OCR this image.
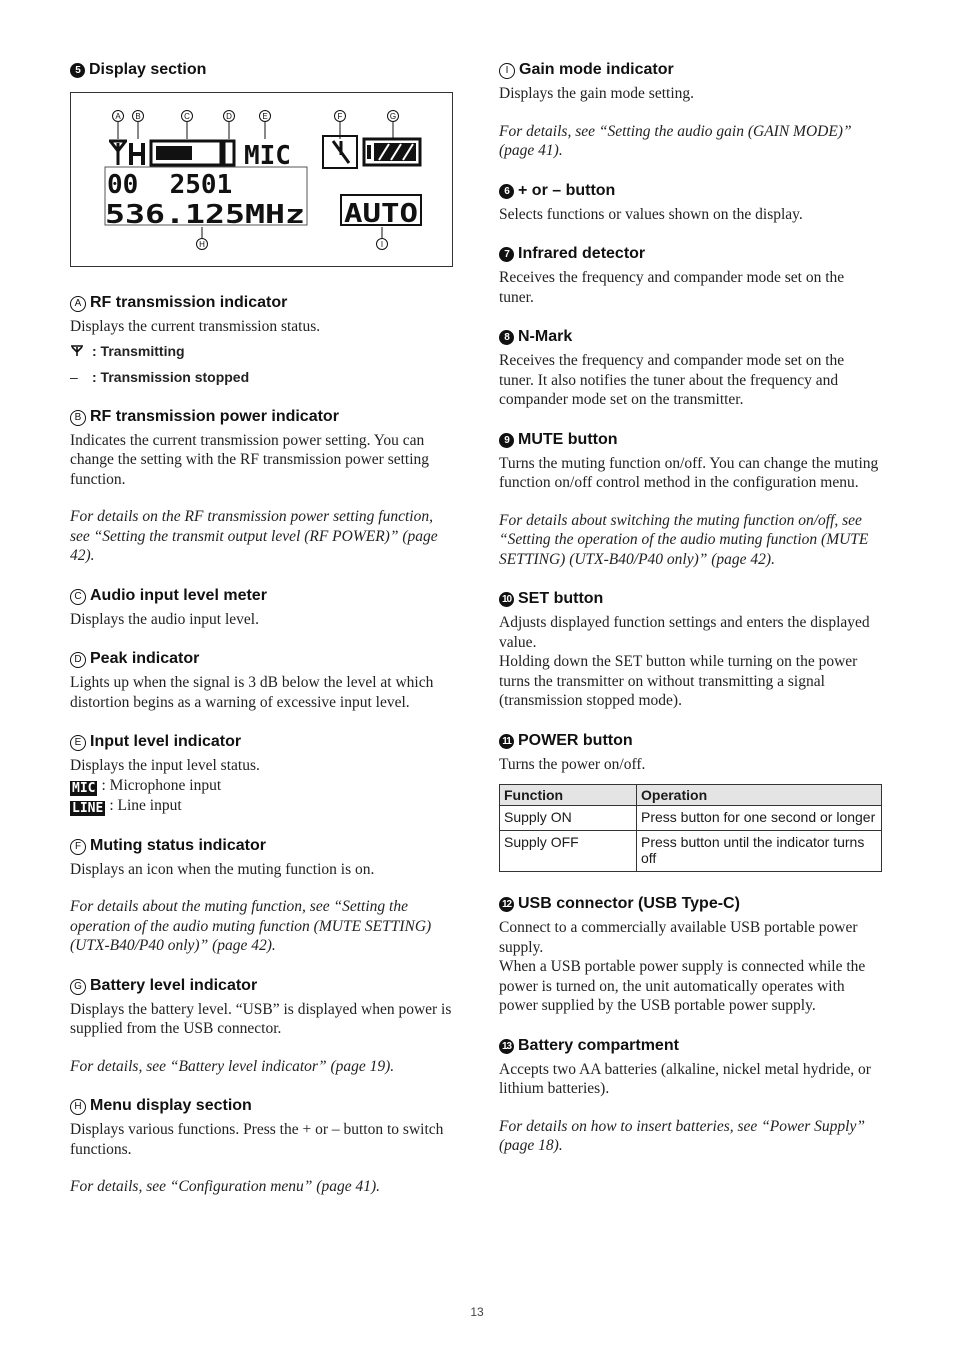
5 Display section
A B	C	D	E	F	G
H	I
MIC
00  2501
536.125MHz AUTO
A RF transmission indicator

Displays the current transmission status.

: Transmitting

– : Transmission stopped

B RF transmission power indicator

Indicates the current transmission power setting. You can change the setting with the RF transmission power setting function.

For details on the RF transmission power setting function, see “Setting the transmit output level (RF POWER)” (page 42).

C Audio input level meter

Displays the audio input level.

D Peak indicator

Lights up when the signal is 3 dB below the level at which distortion begins as a warning of excessive input level.

E Input level indicator

Displays the input level status.

MIC : Microphone input

LINE : Line input

F Muting status indicator

Displays an icon when the muting function is on.

For details about the muting function, see “Setting the operation of the audio muting function (MUTE SETTING) (UTX-B40/P40 only)” (page 42).

G Battery level indicator

Displays the battery level. “USB” is displayed when power is supplied from the USB connector.

For details, see “Battery level indicator” (page 19).

H Menu display section

Displays various functions. Press the + or – button to switch functions.

For details, see “Configuration menu” (page 41).

I Gain mode indicator

Displays the gain mode setting.

For details, see “Setting the audio gain (GAIN MODE)” (page 41).

6 + or – button

Selects functions or values shown on the display.

7 Infrared detector

Receives the frequency and compander mode set on the tuner.

8 N-Mark

Receives the frequency and compander mode set on the tuner. It also notifies the tuner about the frequency and compander mode set on the transmitter.

9 MUTE button

Turns the muting function on/off. You can change the muting function on/off control method in the configuration menu.

For details about switching the muting function on/off, see “Setting the operation of the audio muting function (MUTE SETTING) (UTX-B40/P40 only)” (page 42).

10 SET button

Adjusts displayed function settings and enters the displayed value.

Holding down the SET button while turning on the power turns the transmitter on without transmitting a signal (transmission stopped mode).

11 POWER button

Turns the power on/off.

Function	Operation
Supply ON	Press button for one second or longer
Supply OFF	Press button until the indicator turns off
12 USB connector (USB Type-C)

Connect to a commercially available USB portable power supply.

When a USB portable power supply is connected while the power is turned on, the unit automatically operates with power supplied by the USB portable power supply.

13 Battery compartment

Accepts two AA batteries (alkaline, nickel metal hydride, or lithium batteries).

For details on how to insert batteries, see “Power Supply” (page 18).

13
